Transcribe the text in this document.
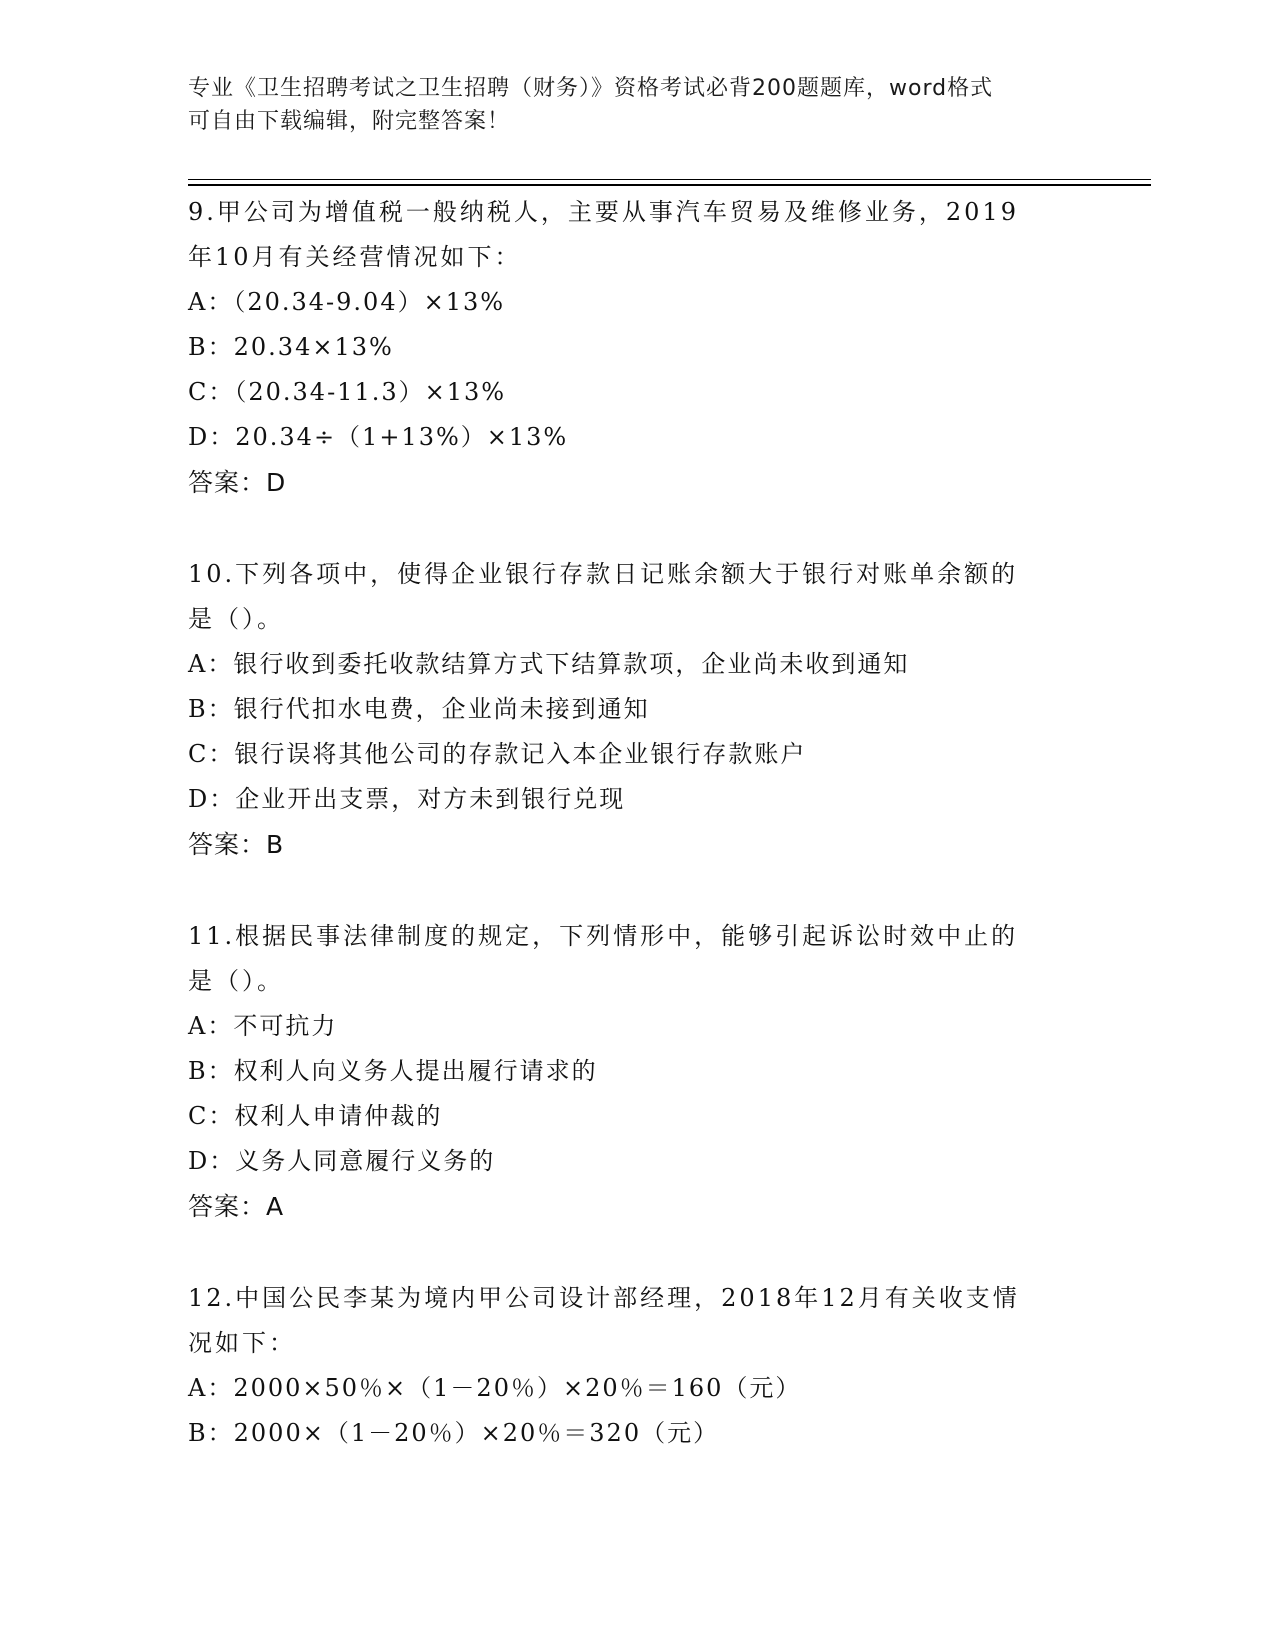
专业《卫生招聘考试之卫生招聘（财务）》资格考试必背200题题库，word格式
可自由下载编辑，附完整答案！
9.甲公司为增值税一般纳税人，主要从事汽车贸易及维修业务，2019
年10月有关经营情况如下：
A：（20.34-9.04）×13%
B：20.34×13%
C：（20.34-11.3）×13%
D：20.34÷（1+13%）×13%
答案：D
10.下列各项中，使得企业银行存款日记账余额大于银行对账单余额的
是（）。
A：银行收到委托收款结算方式下结算款项，企业尚未收到通知
B：银行代扣水电费，企业尚未接到通知
C：银行误将其他公司的存款记入本企业银行存款账户
D：企业开出支票，对方未到银行兑现
答案：B
11.根据民事法律制度的规定，下列情形中，能够引起诉讼时效中止的
是（）。
A：不可抗力
B：权利人向义务人提出履行请求的
C：权利人申请仲裁的
D：义务人同意履行义务的
答案：A
12.中国公民李某为境内甲公司设计部经理，2018年12月有关收支情
况如下：
A：2000×50％×（1－20％）×20％＝160（元）
B：2000×（1－20％）×20％＝320（元）
